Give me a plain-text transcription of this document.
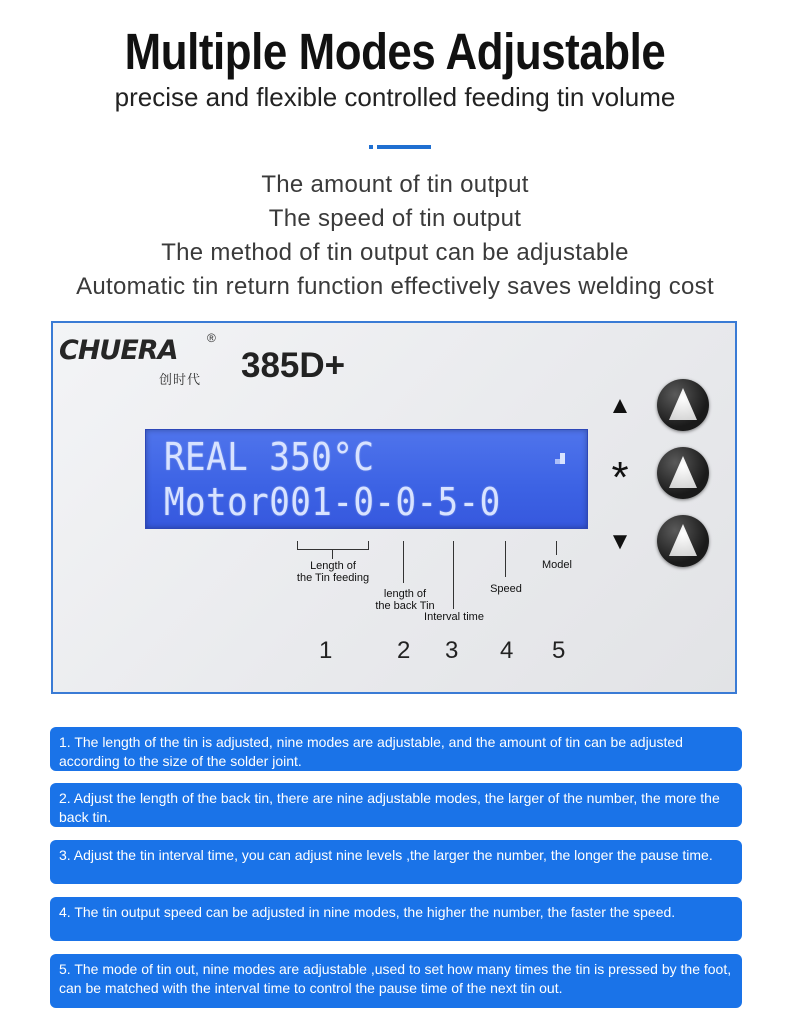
Multiple Modes Adjustable

precise and flexible controlled feeding tin volume

The amount of tin output
The speed of tin output
The method of tin output can be adjustable
Automatic tin return function effectively saves welding cost
CHUERA ®
创时代 385D+
REAL 350°C
Motor001-0-0-5-0
Length of
the Tin feeding
length of
the back Tin
Interval time
Speed
Model
1	2 3 4 5
▲
*
▼
1. The length of the tin is adjusted, nine modes are adjustable, and the amount of tin can be adjusted according to the size of the solder joint.
2. Adjust the length of the back tin, there are nine adjustable modes, the larger of the number, the more the back tin.
3. Adjust the tin interval time, you can adjust nine levels ,the larger the number, the longer the pause time.
4. The tin output speed can be adjusted in nine modes, the higher the number, the faster the speed.
5. The mode of tin out, nine modes are adjustable ,used to set how many times the tin is pressed by the foot, can be matched with the interval time to control the pause time of the next tin out.
